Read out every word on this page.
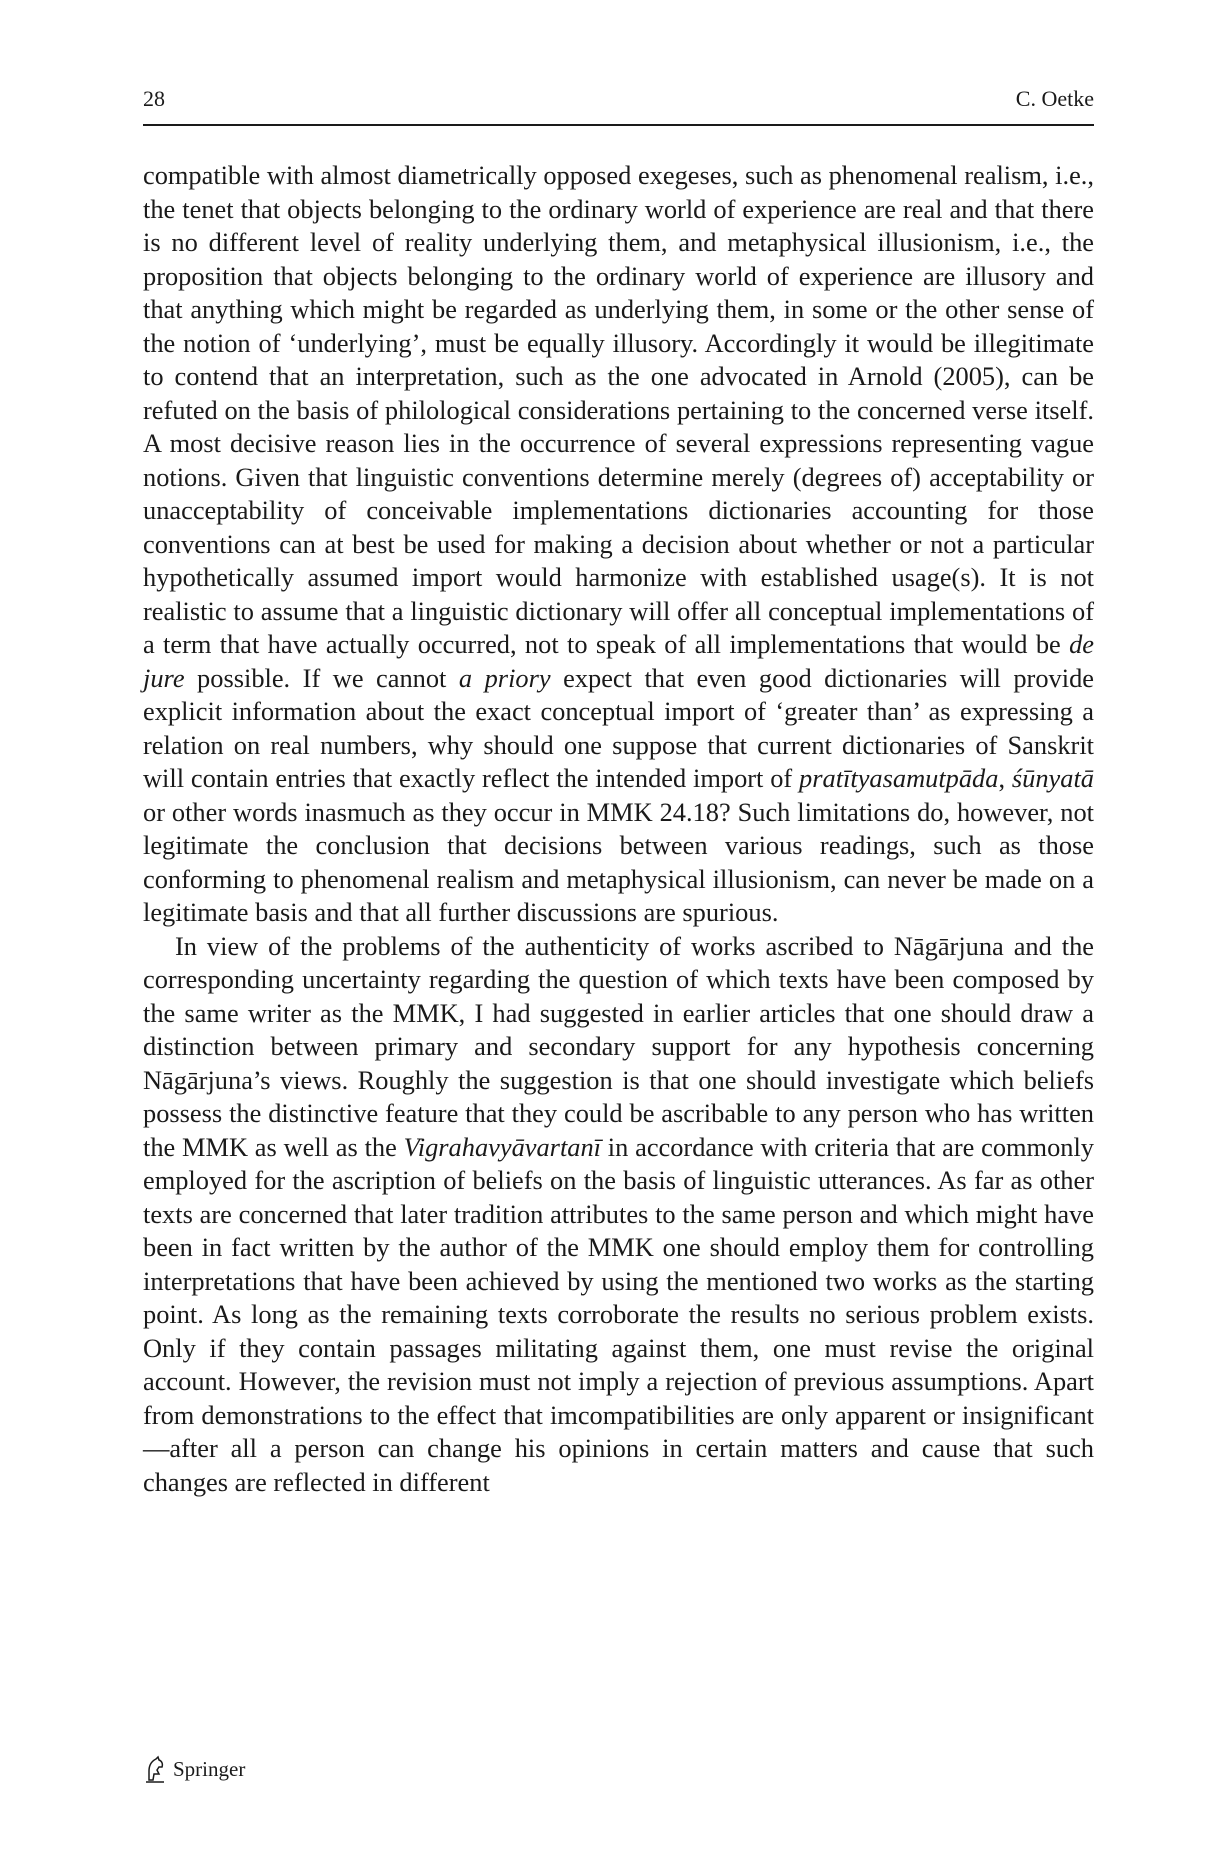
28	C. Oetke

compatible with almost diametrically opposed exegeses, such as phenomenal realism, i.e., the tenet that objects belonging to the ordinary world of experience are real and that there is no different level of reality underlying them, and metaphysical illusionism, i.e., the proposition that objects belonging to the ordinary world of experience are illusory and that anything which might be regarded as underlying them, in some or the other sense of the notion of ‘underlying’, must be equally illusory. Accordingly it would be illegitimate to contend that an interpretation, such as the one advocated in Arnold (2005), can be refuted on the basis of philological considerations pertaining to the concerned verse itself. A most decisive reason lies in the occurrence of several expressions representing vague notions. Given that linguistic conventions determine merely (degrees of) acceptability or unacceptability of conceivable implementations dictionaries accounting for those conventions can at best be used for making a decision about whether or not a particular hypothetically assumed import would harmonize with established usage(s). It is not realistic to assume that a linguistic dictionary will offer all conceptual implementations of a term that have actually occurred, not to speak of all implementations that would be de jure possible. If we cannot a priory expect that even good dictionaries will provide explicit information about the exact conceptual import of ‘greater than’ as expressing a relation on real numbers, why should one suppose that current dictionaries of Sanskrit will contain entries that exactly reflect the intended import of pratītyasamutpāda, śūnyatā or other words inasmuch as they occur in MMK 24.18? Such limitations do, however, not legitimate the conclusion that decisions between various readings, such as those conforming to phenomenal realism and metaphysical illusionism, can never be made on a legitimate basis and that all further discussions are spurious.

In view of the problems of the authenticity of works ascribed to Nāgārjuna and the corresponding uncertainty regarding the question of which texts have been composed by the same writer as the MMK, I had suggested in earlier articles that one should draw a distinction between primary and secondary support for any hypothesis concerning Nāgārjuna’s views. Roughly the suggestion is that one should investigate which beliefs possess the distinctive feature that they could be ascribable to any person who has written the MMK as well as the Vigrahavyāvartanī in accordance with criteria that are commonly employed for the ascription of beliefs on the basis of linguistic utterances. As far as other texts are concerned that later tradition attributes to the same person and which might have been in fact written by the author of the MMK one should employ them for controlling interpretations that have been achieved by using the mentioned two works as the starting point. As long as the remaining texts corroborate the results no serious problem exists. Only if they contain passages militating against them, one must revise the original account. However, the revision must not imply a rejection of previous assumptions. Apart from demonstrations to the effect that imcompatibilities are only apparent or insignificant—after all a person can change his opinions in certain matters and cause that such changes are reflected in different

Springer
